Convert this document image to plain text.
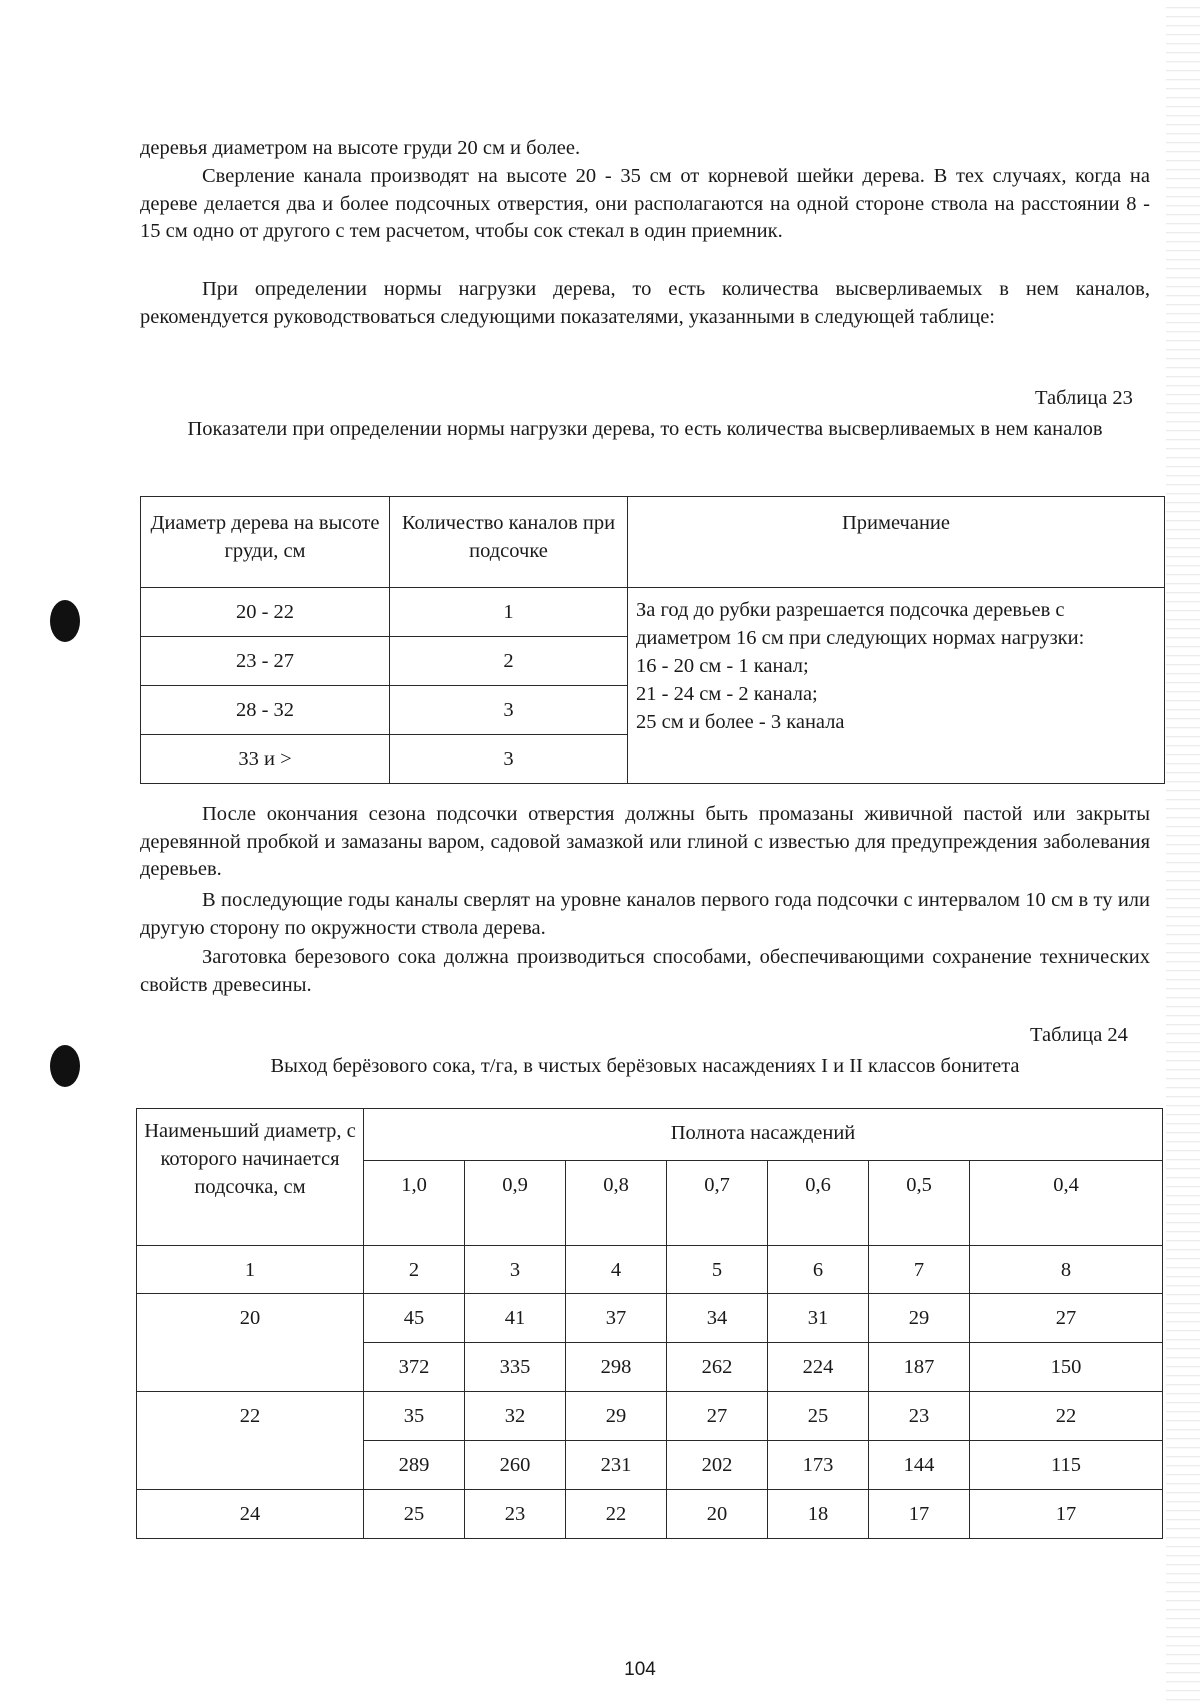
деревья диаметром на высоте груди 20 см и более.

Сверление канала производят на высоте 20 - 35 см от корневой шейки дерева. В тех случаях, когда на дереве делается два и более подсочных отверстия, они располагаются на одной стороне ствола на расстоянии 8 - 15 см одно от другого с тем расчетом, чтобы сок стекал в один приемник.

При определении нормы нагрузки дерева, то есть количества высверливаемых в нем каналов, рекомендуется руководствоваться следующими показателями, указанными в следующей таблице:

Таблица 23

Показатели при определении нормы нагрузки дерева, то есть количества высверливаемых в нем каналов

Диаметр дерева на высоте груди, см	Количество каналов при подсочке	Примечание
20 - 22	1	За год до рубки разрешается подсочка деревьев с диаметром 16 см при следующих нормах нагрузки:
16 - 20 см - 1 канал;
21 - 24 см - 2 канала;
25 см и более - 3 канала

23 - 27	2	
28 - 32	3	
33 и >	3	

После окончания сезона подсочки отверстия должны быть промазаны живичной пастой или закрыты деревянной пробкой и замазаны варом, садовой замазкой или глиной с известью для предупреждения заболевания деревьев.

В последующие годы каналы сверлят на уровне каналов первого года подсочки с интервалом 10 см в ту или другую сторону по окружности ствола дерева.

Заготовка березового сока должна производиться способами, обеспечивающими сохранение технических свойств древесины.

Таблица 24

Выход берёзового сока, т/га, в чистых берёзовых насаждениях I и II классов бонитета

Наименьший диаметр, с которого начинается подсочка, см	Полнота насаждений						
	1,0	0,9	0,8	0,7	0,6	0,5	0,4
1	2	3	4	5	6	7	8
20	45	41	37	34	31	29	27
	372	335	298	262	224	187	150
22	35	32	29	27	25	23	22
	289	260	231	202	173	144	115
24	25	23	22	20	18	17	17
104
